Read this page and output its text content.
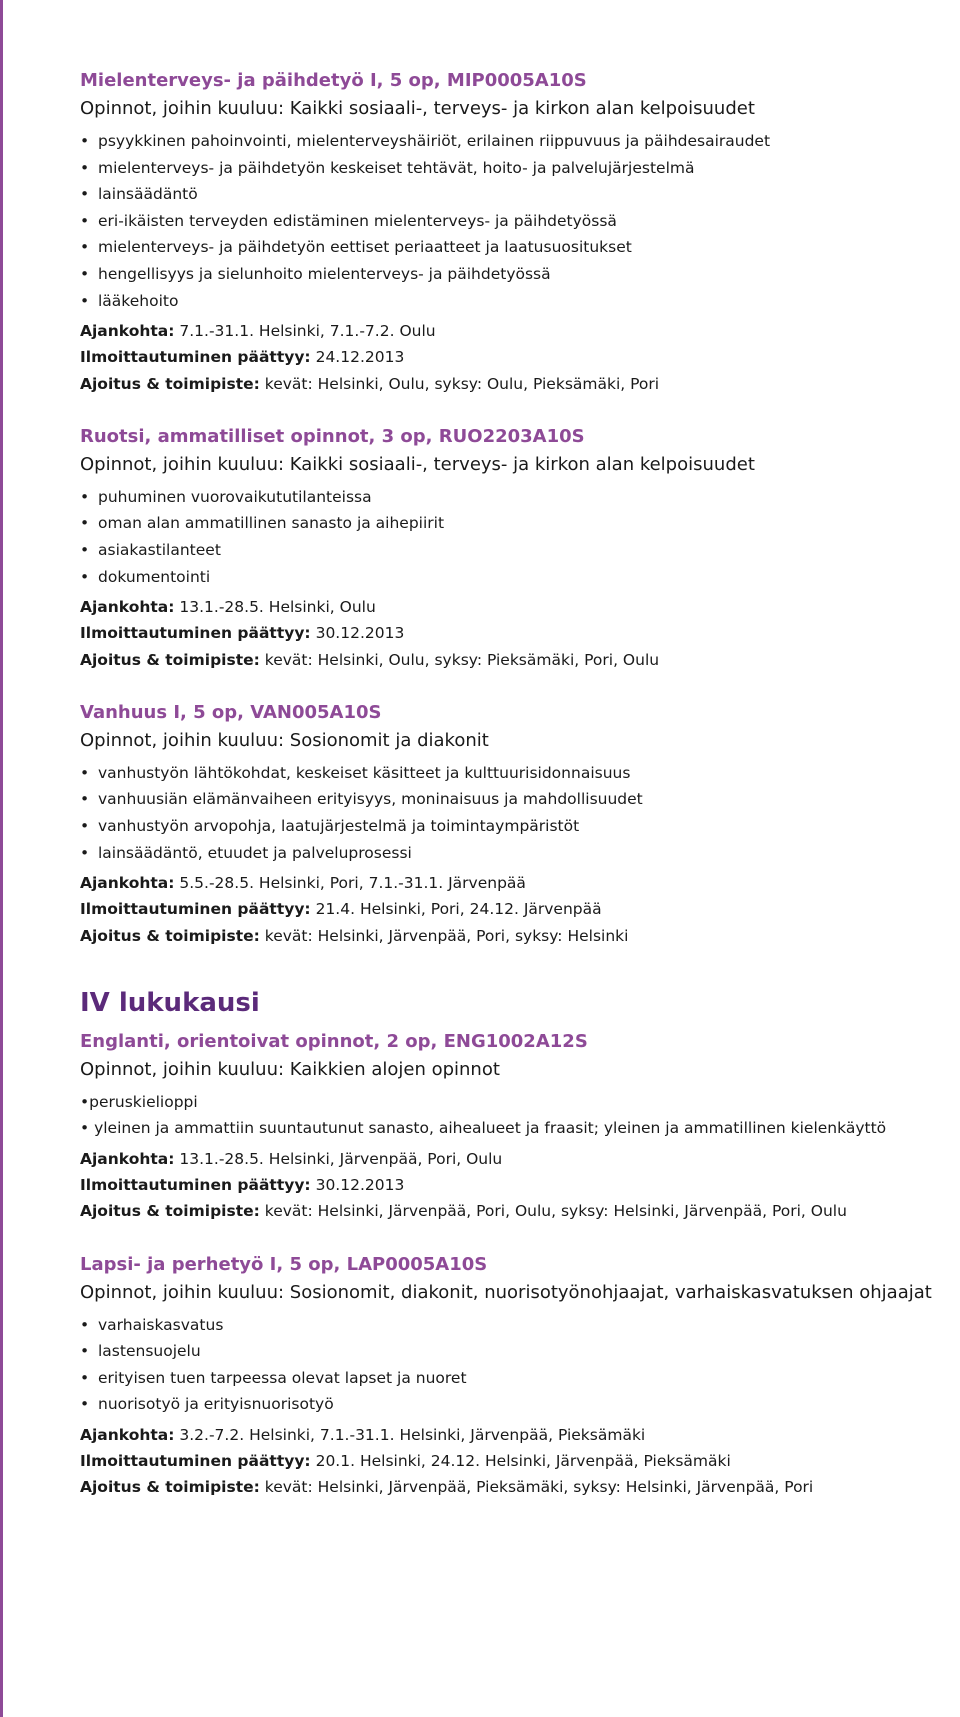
Mielenterveys- ja päihdetyö I, 5 op, MIP0005A10S
Opinnot, joihin kuuluu: Kaikki sosiaali-, terveys- ja kirkon alan kelpoisuudet
• psyykkinen pahoinvointi, mielenterveyshäiriöt, erilainen riippuvuus ja päihdesairaudet
• mielenterveys- ja päihdetyön keskeiset tehtävät, hoito- ja palvelujärjestelmä
• lainsäädäntö
• eri-ikäisten terveyden edistäminen mielenterveys- ja päihdetyössä
• mielenterveys- ja päihdetyön eettiset periaatteet ja laatusuositukset
• hengellisyys ja sielunhoito mielenterveys- ja päihdetyössä
• lääkehoito
Ajankohta: 7.1.-31.1. Helsinki, 7.1.-7.2. Oulu
Ilmoittautuminen päättyy: 24.12.2013
Ajoitus & toimipiste: kevät: Helsinki, Oulu, syksy: Oulu, Pieksämäki, Pori
Ruotsi, ammatilliset opinnot, 3 op, RUO2203A10S
Opinnot, joihin kuuluu: Kaikki sosiaali-, terveys- ja kirkon alan kelpoisuudet
• puhuminen vuorovaikututilanteissa
• oman alan ammatillinen sanasto ja aihepiirit
• asiakastilanteet
• dokumentointi
Ajankohta: 13.1.-28.5. Helsinki, Oulu
Ilmoittautuminen päättyy: 30.12.2013
Ajoitus & toimipiste: kevät: Helsinki, Oulu, syksy: Pieksämäki, Pori, Oulu
Vanhuus I, 5 op, VAN005A10S
Opinnot, joihin kuuluu: Sosionomit ja diakonit
• vanhustyön lähtökohdat, keskeiset käsitteet ja kulttuurisidonnaisuus
• vanhuusiän elämänvaiheen erityisyys, moninaisuus ja mahdollisuudet
• vanhustyön arvopohja, laatujärjestelmä ja toimintaympäristöt
• lainsäädäntö, etuudet ja palveluprosessi
Ajankohta: 5.5.-28.5. Helsinki, Pori, 7.1.-31.1. Järvenpää
Ilmoittautuminen päättyy: 21.4. Helsinki, Pori, 24.12. Järvenpää
Ajoitus & toimipiste: kevät: Helsinki, Järvenpää, Pori, syksy: Helsinki
IV lukukausi
Englanti, orientoivat opinnot, 2 op, ENG1002A12S
Opinnot, joihin kuuluu: Kaikkien alojen opinnot
•peruskielioppi
• yleinen ja ammattiin suuntautunut sanasto, aihealueet ja fraasit; yleinen ja ammatillinen kielenkäyttö
Ajankohta: 13.1.-28.5. Helsinki, Järvenpää, Pori, Oulu
Ilmoittautuminen päättyy: 30.12.2013
Ajoitus & toimipiste: kevät: Helsinki, Järvenpää, Pori, Oulu, syksy: Helsinki, Järvenpää, Pori, Oulu
Lapsi- ja perhetyö I, 5 op, LAP0005A10S
Opinnot, joihin kuuluu: Sosionomit, diakonit, nuorisotyönohjaajat, varhaiskasvatuksen ohjaajat
• varhaiskasvatus
• lastensuojelu
• erityisen tuen tarpeessa olevat lapset ja nuoret
• nuorisotyö ja erityisnuorisotyö
Ajankohta: 3.2.-7.2. Helsinki, 7.1.-31.1. Helsinki, Järvenpää, Pieksämäki
Ilmoittautuminen päättyy: 20.1. Helsinki, 24.12. Helsinki, Järvenpää, Pieksämäki
Ajoitus & toimipiste: kevät: Helsinki, Järvenpää, Pieksämäki, syksy: Helsinki, Järvenpää, Pori
